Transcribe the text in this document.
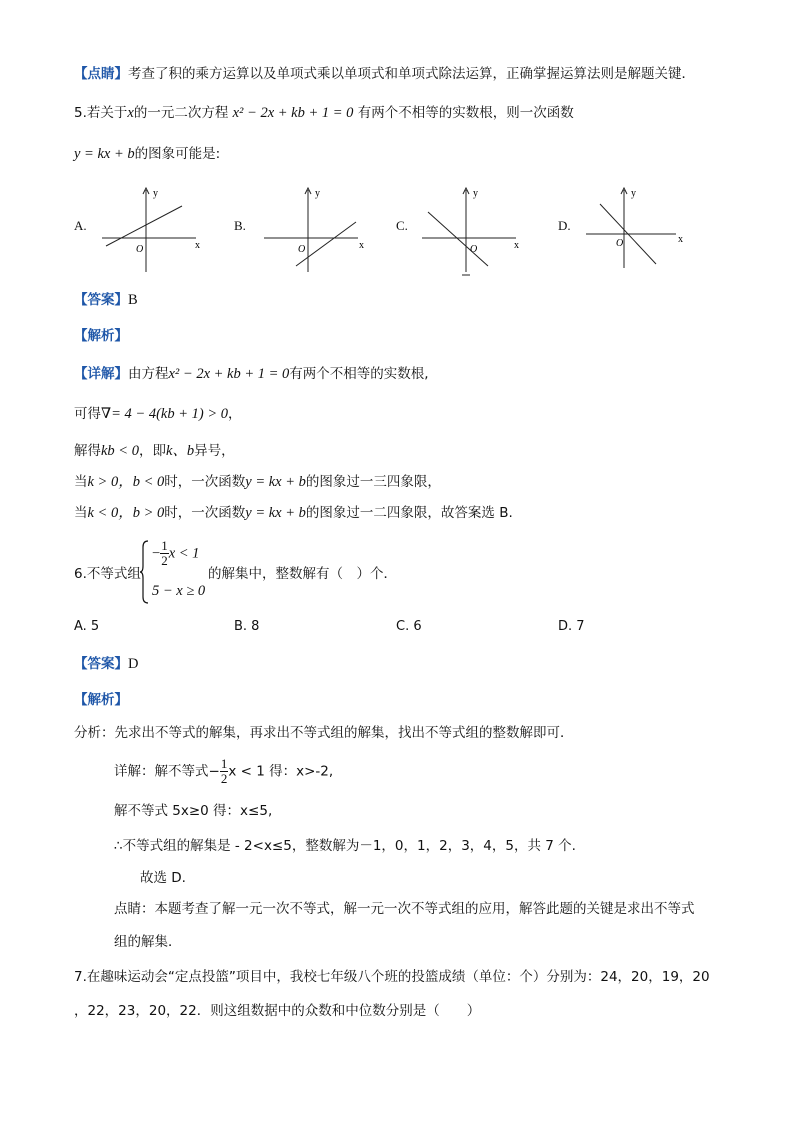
【点睛】考查了积的乘方运算以及单项式乘以单项式和单项式除法运算，正确掌握运算法则是解题关键．
5.若关于x的一元二次方程 x² − 2x + kb + 1 = 0 有两个不相等的实数根，则一次函数
y = kx + b的图象可能是:
A.
y
x
O
B.
y
x
O
C.
y
x
O
D.
y
x
O
【答案】B
【解析】
【详解】由方程x² − 2x + kb + 1 = 0有两个不相等的实数根,
可得∇= 4 − 4(kb + 1) > 0，
解得kb < 0，即k、b异号，
当k > 0，b < 0时，一次函数y = kx + b的图象过一三四象限，
当k < 0，b > 0时，一次函数y = kx + b的图象过一二四象限，故答案选 B.
6.不等式组
− $\frac{1}{2}$ x < 1
5 − x ≥ 0
的解集中，整数解有（　）个．
A. 5	B. 8	C. 6	D. 7
【答案】D
【解析】
分析：先求出不等式的解集，再求出不等式组的解集，找出不等式组的整数解即可．
详解：解不等式− $\frac{1}{2}$ x < 1 得：x>-2,
解不等式 5x≥0 得：x≤5,
∴不等式组的解集是 - 2<x≤5，整数解为－1，0，1，2，3，4，5，共 7 个.
故选 D.
点睛：本题考查了解一元一次不等式，解一元一次不等式组的应用，解答此题的关键是求出不等式
组的解集．
7.在趣味运动会“定点投篮”项目中，我校七年级八个班的投篮成绩（单位：个）分别为：24，20，19，20
，22，23，20，22．则这组数据中的众数和中位数分别是（　　）
